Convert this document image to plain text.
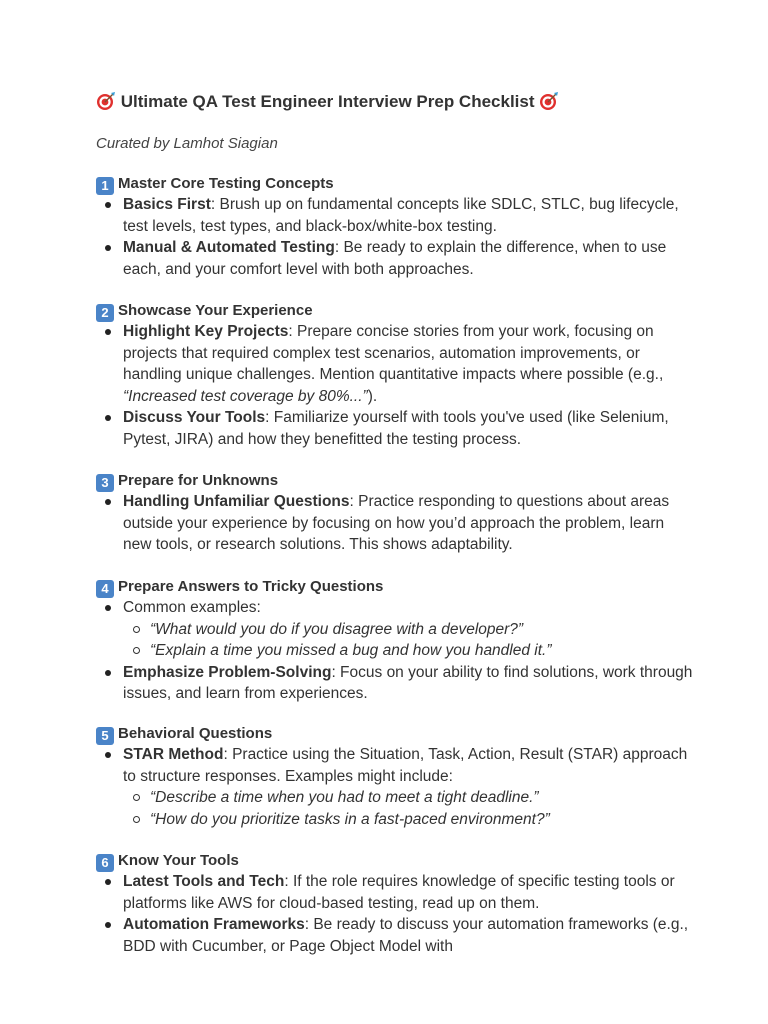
Ultimate QA Test Engineer Interview Prep Checklist
Curated by Lamhot Siagian
1 Master Core Testing Concepts
Basics First: Brush up on fundamental concepts like SDLC, STLC, bug lifecycle, test levels, test types, and black-box/white-box testing.
Manual & Automated Testing: Be ready to explain the difference, when to use each, and your comfort level with both approaches.
2 Showcase Your Experience
Highlight Key Projects: Prepare concise stories from your work, focusing on projects that required complex test scenarios, automation improvements, or handling unique challenges. Mention quantitative impacts where possible (e.g., “Increased test coverage by 80%...”).
Discuss Your Tools: Familiarize yourself with tools you've used (like Selenium, Pytest, JIRA) and how they benefitted the testing process.
3 Prepare for Unknowns
Handling Unfamiliar Questions: Practice responding to questions about areas outside your experience by focusing on how you’d approach the problem, learn new tools, or research solutions. This shows adaptability.
4 Prepare Answers to Tricky Questions
Common examples:
“What would you do if you disagree with a developer?”
“Explain a time you missed a bug and how you handled it.”
Emphasize Problem-Solving: Focus on your ability to find solutions, work through issues, and learn from experiences.
5 Behavioral Questions
STAR Method: Practice using the Situation, Task, Action, Result (STAR) approach to structure responses. Examples might include:
“Describe a time when you had to meet a tight deadline.”
“How do you prioritize tasks in a fast-paced environment?”
6 Know Your Tools
Latest Tools and Tech: If the role requires knowledge of specific testing tools or platforms like AWS for cloud-based testing, read up on them.
Automation Frameworks: Be ready to discuss your automation frameworks (e.g., BDD with Cucumber, or Page Object Model with
